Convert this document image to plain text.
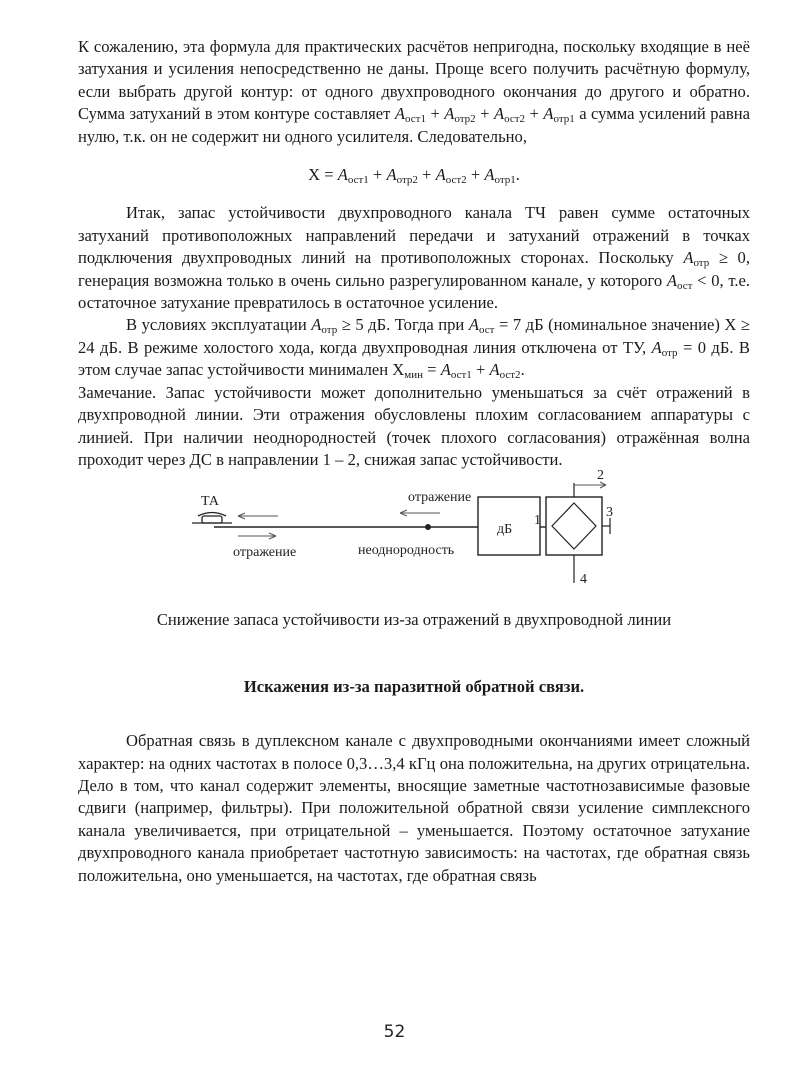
К сожалению, эта формула для практических расчётов непригодна, поскольку входящие в неё затухания и усиления непосредственно не даны. Проще всего получить расчётную формулу, если выбрать другой контур: от одного двухпроводного окончания до другого и обратно. Сумма затуханий в этом контуре составляет $A_{ост1} + A_{отр2} + A_{ост2} + A_{отр1}$ а сумма усилений равна нулю, т.к. он не содержит ни одного усилителя. Следовательно,

$X = A_{ост1} + A_{отр2} + A_{ост2} + A_{отр1}$.

Итак, запас устойчивости двухпроводного канала ТЧ равен сумме остаточных затуханий противоположных направлений передачи и затуханий отражений в точках подключения двухпроводных линий на противоположных сторонах. Поскольку $A_{отр} \ge 0$, генерация возможна только в очень сильно разрегулированном канале, у которого $A_{ост} < 0$, т.е. остаточное затухание превратилось в остаточное усиление.

В условиях эксплуатации $A_{отр} \ge 5$ дБ. Тогда при $A_{ост} = 7$ дБ (номинальное значение) X ≥ 24 дБ. В режиме холостого хода, когда двухпроводная линия отключена от ТУ, $A_{отр} = 0$ дБ. В этом случае запас устойчивости минимален $X_{мин} = A_{ост1} + A_{ост2}$.

Замечание. Запас устойчивости может дополнительно уменьшаться за счёт отражений в двухпроводной линии. Эти отражения обусловлены плохим согласованием аппаратуры с линией. При наличии неоднородностей (точек плохого согласования) отражённая волна проходит через ДС в направлении 1 – 2, снижая запас устойчивости.

ТА
отражение
отражение
неоднородность
дБ
1
2
3
4

Снижение запаса устойчивости из-за отражений в двухпроводной линии

Искажения из-за паразитной обратной связи.

Обратная связь в дуплексном канале с двухпроводными окончаниями имеет сложный характер: на одних частотах в полосе 0,3…3,4 кГц она положительна, на других отрицательна. Дело в том, что канал содержит элементы, вносящие заметные частотнозависимые фазовые сдвиги (например, фильтры). При положительной обратной связи усиление симплексного канала увеличивается, при отрицательной – уменьшается. Поэтому остаточное затухание двухпроводного канала приобретает частотную зависимость: на частотах, где обратная связь положительна, оно уменьшается, на частотах, где обратная связь

52
